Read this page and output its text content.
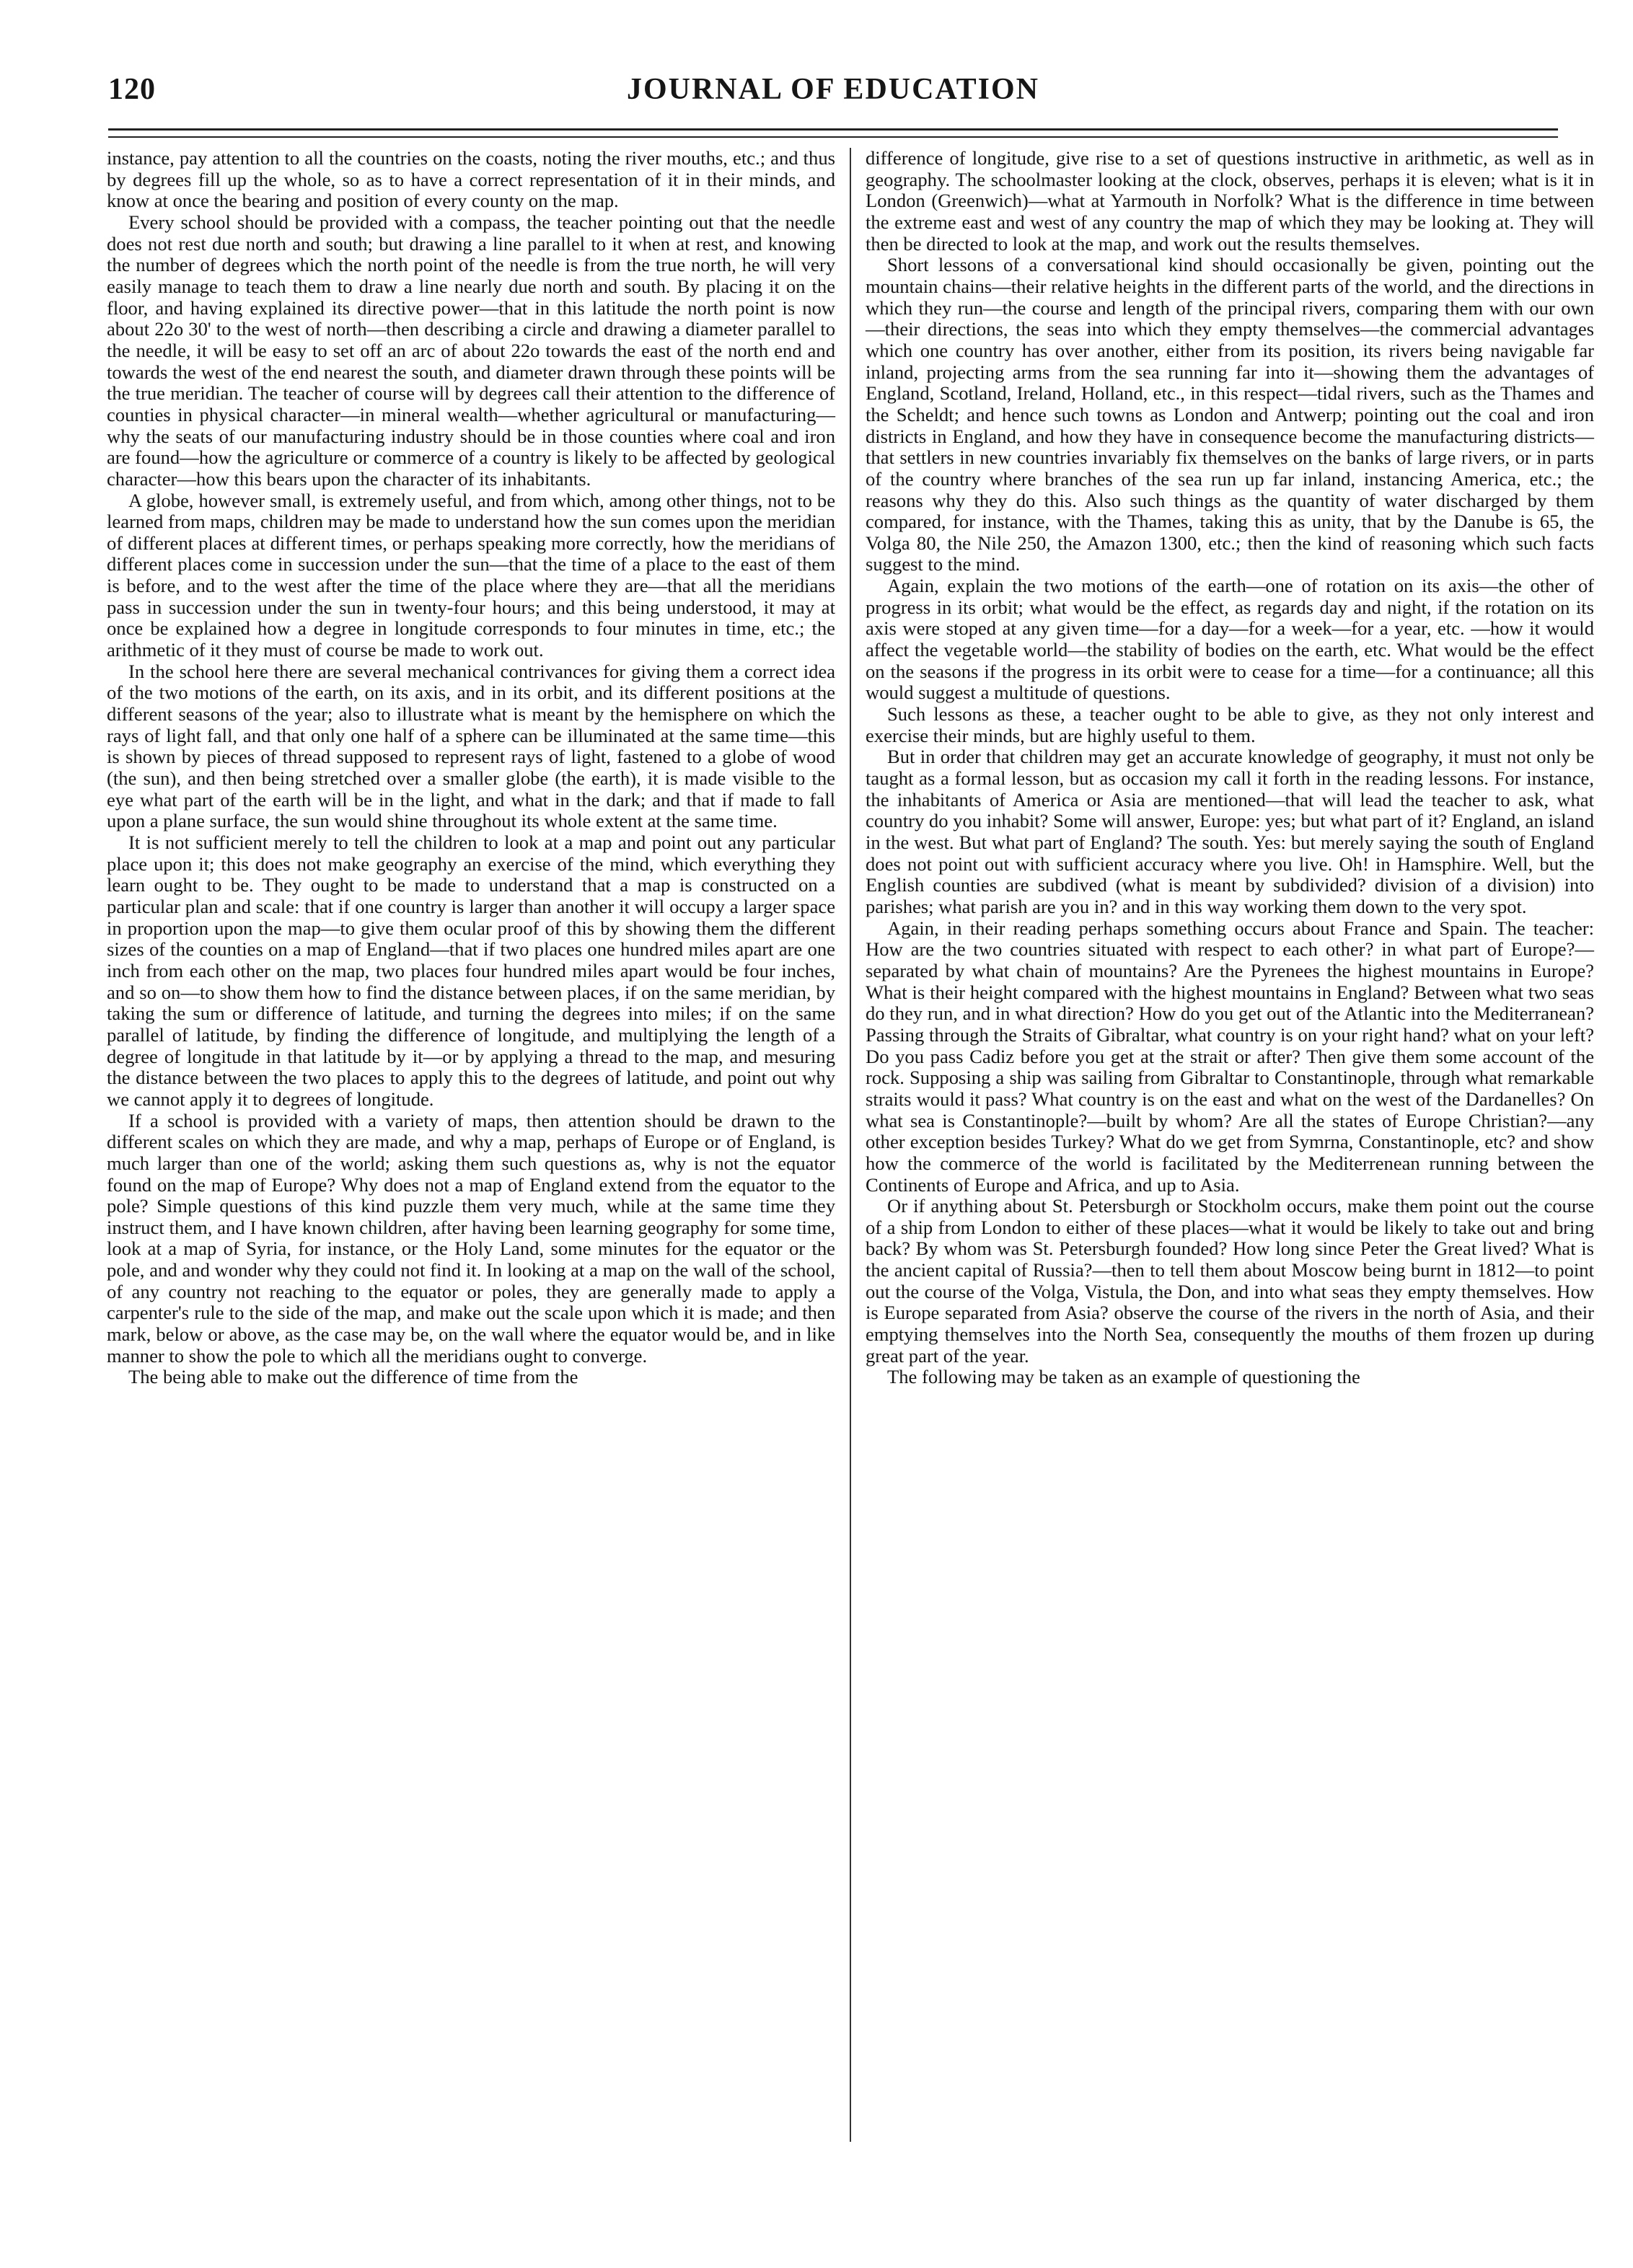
120	JOURNAL OF EDUCATION

instance, pay attention to all the countries on the coasts, noting the river mouths, etc.; and thus by degrees fill up the whole, so as to have a correct representation of it in their minds, and know at once the bearing and position of every county on the map.

Every school should be provided with a compass, the teacher pointing out that the needle does not rest due north and south; but drawing a line parallel to it when at rest, and knowing the number of degrees which the north point of the needle is from the true north, he will very easily manage to teach them to draw a line nearly due north and south. By placing it on the floor, and having explained its directive power—that in this latitude the north point is now about 22o 30' to the west of north—then describing a circle and drawing a diameter parallel to the needle, it will be easy to set off an arc of about 22o towards the east of the north end and towards the west of the end nearest the south, and diameter drawn through these points will be the true meridian. The teacher of course will by degrees call their attention to the difference of counties in physical character—in mineral wealth—whether agricultural or manufacturing—why the seats of our manufacturing industry should be in those counties where coal and iron are found—how the agriculture or commerce of a country is likely to be affected by geological character—how this bears upon the character of its inhabitants.

A globe, however small, is extremely useful, and from which, among other things, not to be learned from maps, children may be made to understand how the sun comes upon the meridian of different places at different times, or perhaps speaking more correctly, how the meridians of different places come in succession under the sun—that the time of a place to the east of them is before, and to the west after the time of the place where they are—that all the meridians pass in succession under the sun in twenty-four hours; and this being understood, it may at once be explained how a degree in longitude corresponds to four minutes in time, etc.; the arithmetic of it they must of course be made to work out.

In the school here there are several mechanical contrivances for giving them a correct idea of the two motions of the earth, on its axis, and in its orbit, and its different positions at the different seasons of the year; also to illustrate what is meant by the hemisphere on which the rays of light fall, and that only one half of a sphere can be illuminated at the same time—this is shown by pieces of thread supposed to represent rays of light, fastened to a globe of wood (the sun), and then being stretched over a smaller globe (the earth), it is made visible to the eye what part of the earth will be in the light, and what in the dark; and that if made to fall upon a plane surface, the sun would shine throughout its whole extent at the same time.

It is not sufficient merely to tell the children to look at a map and point out any particular place upon it; this does not make geography an exercise of the mind, which everything they learn ought to be. They ought to be made to understand that a map is constructed on a particular plan and scale: that if one country is larger than another it will occupy a larger space in proportion upon the map—to give them ocular proof of this by showing them the different sizes of the counties on a map of England—that if two places one hundred miles apart are one inch from each other on the map, two places four hundred miles apart would be four inches, and so on—to show them how to find the distance between places, if on the same meridian, by taking the sum or difference of latitude, and turning the degrees into miles; if on the same parallel of latitude, by finding the difference of longitude, and multiplying the length of a degree of longitude in that latitude by it—or by applying a thread to the map, and mesuring the distance between the two places to apply this to the degrees of latitude, and point out why we cannot apply it to degrees of longitude.

If a school is provided with a variety of maps, then attention should be drawn to the different scales on which they are made, and why a map, perhaps of Europe or of England, is much larger than one of the world; asking them such questions as, why is not the equator found on the map of Europe? Why does not a map of England extend from the equator to the pole? Simple questions of this kind puzzle them very much, while at the same time they instruct them, and I have known children, after having been learning geography for some time, look at a map of Syria, for instance, or the Holy Land, some minutes for the equator or the pole, and and wonder why they could not find it. In looking at a map on the wall of the school, of any country not reaching to the equator or poles, they are generally made to apply a carpenter's rule to the side of the map, and make out the scale upon which it is made; and then mark, below or above, as the case may be, on the wall where the equator would be, and in like manner to show the pole to which all the meridians ought to converge.

The being able to make out the difference of time from the

difference of longitude, give rise to a set of questions instructive in arithmetic, as well as in geography. The schoolmaster looking at the clock, observes, perhaps it is eleven; what is it in London (Greenwich)—what at Yarmouth in Norfolk? What is the difference in time between the extreme east and west of any country the map of which they may be looking at. They will then be directed to look at the map, and work out the results themselves.

Short lessons of a conversational kind should occasionally be given, pointing out the mountain chains—their relative heights in the different parts of the world, and the directions in which they run—the course and length of the principal rivers, comparing them with our own—their directions, the seas into which they empty themselves—the commercial advantages which one country has over another, either from its position, its rivers being navigable far inland, projecting arms from the sea running far into it—showing them the advantages of England, Scotland, Ireland, Holland, etc., in this respect—tidal rivers, such as the Thames and the Scheldt; and hence such towns as London and Antwerp; pointing out the coal and iron districts in England, and how they have in consequence become the manufacturing districts—that settlers in new countries invariably fix themselves on the banks of large rivers, or in parts of the country where branches of the sea run up far inland, instancing America, etc.; the reasons why they do this. Also such things as the quantity of water discharged by them compared, for instance, with the Thames, taking this as unity, that by the Danube is 65, the Volga 80, the Nile 250, the Amazon 1300, etc.; then the kind of reasoning which such facts suggest to the mind.

Again, explain the two motions of the earth—one of rotation on its axis—the other of progress in its orbit; what would be the effect, as regards day and night, if the rotation on its axis were stoped at any given time—for a day—for a week—for a year, etc. —how it would affect the vegetable world—the stability of bodies on the earth, etc. What would be the effect on the seasons if the progress in its orbit were to cease for a time—for a continuance; all this would suggest a multitude of questions.

Such lessons as these, a teacher ought to be able to give, as they not only interest and exercise their minds, but are highly useful to them.

But in order that children may get an accurate knowledge of geography, it must not only be taught as a formal lesson, but as occasion my call it forth in the reading lessons. For instance, the inhabitants of America or Asia are mentioned—that will lead the teacher to ask, what country do you inhabit? Some will answer, Europe: yes; but what part of it? England, an island in the west. But what part of England? The south. Yes: but merely saying the south of England does not point out with sufficient accuracy where you live. Oh! in Hamsphire. Well, but the English counties are subdived (what is meant by subdivided? division of a division) into parishes; what parish are you in? and in this way working them down to the very spot.

Again, in their reading perhaps something occurs about France and Spain. The teacher: How are the two countries situated with respect to each other? in what part of Europe?—separated by what chain of mountains? Are the Pyrenees the highest mountains in Europe? What is their height compared with the highest mountains in England? Between what two seas do they run, and in what direction? How do you get out of the Atlantic into the Mediterranean? Passing through the Straits of Gibraltar, what country is on your right hand? what on your left? Do you pass Cadiz before you get at the strait or after? Then give them some account of the rock. Supposing a ship was sailing from Gibraltar to Constantinople, through what remarkable straits would it pass? What country is on the east and what on the west of the Dardanelles? On what sea is Constantinople?—built by whom? Are all the states of Europe Christian?—any other exception besides Turkey? What do we get from Symrna, Constantinople, etc? and show how the commerce of the world is facilitated by the Mediterrenean running between the Continents of Europe and Africa, and up to Asia.

Or if anything about St. Petersburgh or Stockholm occurs, make them point out the course of a ship from London to either of these places—what it would be likely to take out and bring back? By whom was St. Petersburgh founded? How long since Peter the Great lived? What is the ancient capital of Russia?—then to tell them about Moscow being burnt in 1812—to point out the course of the Volga, Vistula, the Don, and into what seas they empty themselves. How is Europe separated from Asia? observe the course of the rivers in the north of Asia, and their emptying themselves into the North Sea, consequently the mouths of them frozen up during great part of the year.

The following may be taken as an example of questioning the
